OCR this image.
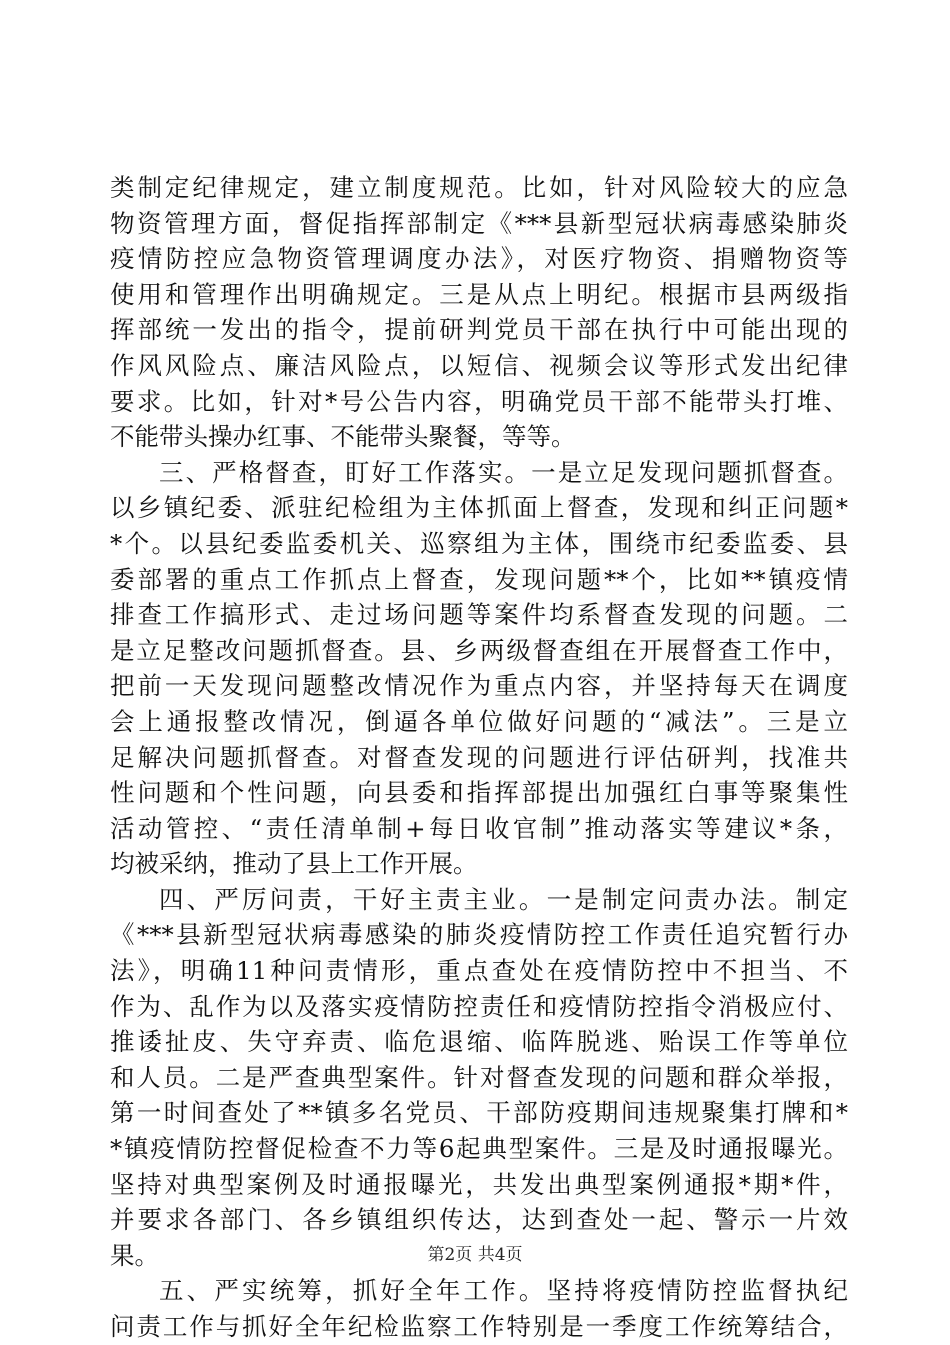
类制定纪律规定，建立制度规范。比如，针对风险较大的应急
物资管理方面，督促指挥部制定《***县新型冠状病毒感染肺炎
疫情防控应急物资管理调度办法》，对医疗物资、捐赠物资等
使用和管理作出明确规定。三是从点上明纪。根据市县两级指
挥部统一发出的指令，提前研判党员干部在执行中可能出现的
作风风险点、廉洁风险点，以短信、视频会议等形式发出纪律
要求。比如，针对*号公告内容，明确党员干部不能带头打堆、
不能带头操办红事、不能带头聚餐，等等。
三、严格督查，盯好工作落实。一是立足发现问题抓督查。
以乡镇纪委、派驻纪检组为主体抓面上督查，发现和纠正问题*
*个。以县纪委监委机关、巡察组为主体，围绕市纪委监委、县
委部署的重点工作抓点上督查，发现问题**个，比如**镇疫情
排查工作搞形式、走过场问题等案件均系督查发现的问题。二
是立足整改问题抓督查。县、乡两级督查组在开展督查工作中，
把前一天发现问题整改情况作为重点内容，并坚持每天在调度
会上通报整改情况，倒逼各单位做好问题的“减法”。三是立
足解决问题抓督查。对督查发现的问题进行评估研判，找准共
性问题和个性问题，向县委和指挥部提出加强红白事等聚集性
活动管控、“责任清单制+每日收官制”推动落实等建议*条，
均被采纳，推动了县上工作开展。
四、严厉问责，干好主责主业。一是制定问责办法。制定
《***县新型冠状病毒感染的肺炎疫情防控工作责任追究暂行办
法》，明确11种问责情形，重点查处在疫情防控中不担当、不
作为、乱作为以及落实疫情防控责任和疫情防控指令消极应付、
推诿扯皮、失守弃责、临危退缩、临阵脱逃、贻误工作等单位
和人员。二是严查典型案件。针对督查发现的问题和群众举报，
第一时间查处了**镇多名党员、干部防疫期间违规聚集打牌和*
*镇疫情防控督促检查不力等6起典型案件。三是及时通报曝光。
坚持对典型案例及时通报曝光，共发出典型案例通报*期*件，
并要求各部门、各乡镇组织传达，达到查处一起、警示一片效
果。
五、严实统筹，抓好全年工作。坚持将疫情防控监督执纪
问责工作与抓好全年纪检监察工作特别是一季度工作统筹结合，
第2页 共4页
